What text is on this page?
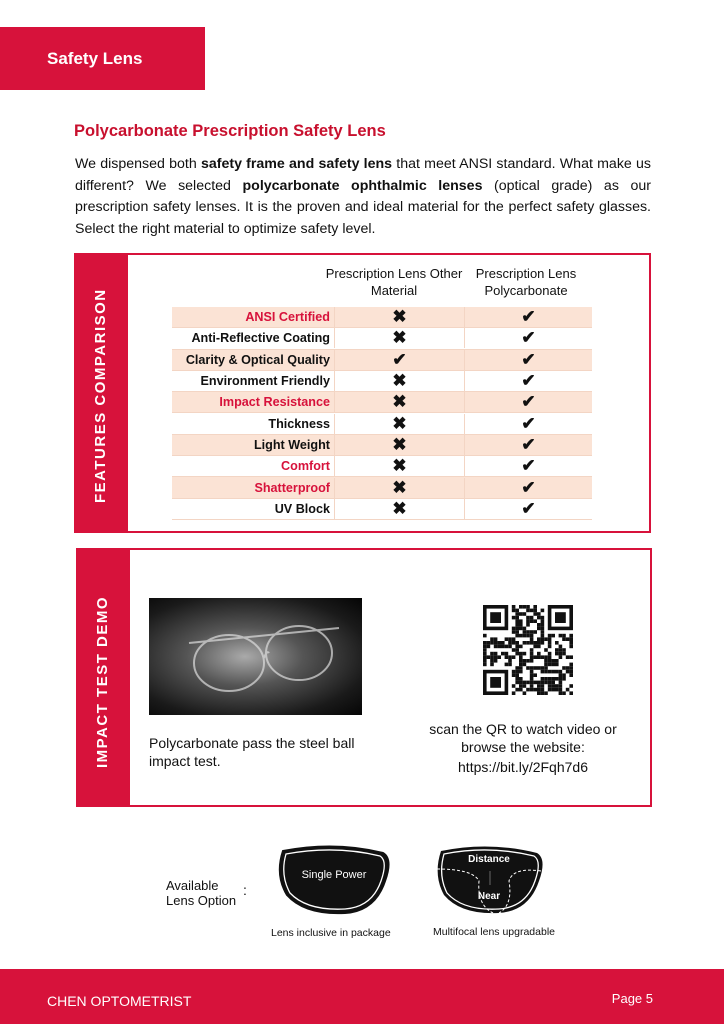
Safety Lens
Polycarbonate Prescription Safety Lens

We dispensed both safety frame and safety lens that meet ANSI standard. What make us different? We selected polycarbonate ophthalmic lenses (optical grade) as our prescription safety lenses. It is the proven and ideal material for the perfect safety glasses. Select the right material to optimize safety level.

FEATURES COMPARISON
Prescription Lens Other Material
Prescription Lens Polycarbonate
ANSI Certified	✖	✔
Anti-Reflective Coating	✖	✔
Clarity & Optical Quality	✔	✔
Environment Friendly	✖	✔
Impact Resistance	✖	✔
Thickness	✖	✔
Light Weight	✖	✔
Comfort	✖	✔
Shatterproof	✖	✔
UV Block	✖	✔
IMPACT TEST DEMO	Polycarbonate pass the steel ball impact test.

scan the QR to watch video or browse the website:

https://bit.ly/2Fqh7d6

Available Lens Option
:
Single Power
Lens inclusive in package
Distance
Near
Multifocal lens upgradable
CHEN OPTOMETRIST	Page 5
